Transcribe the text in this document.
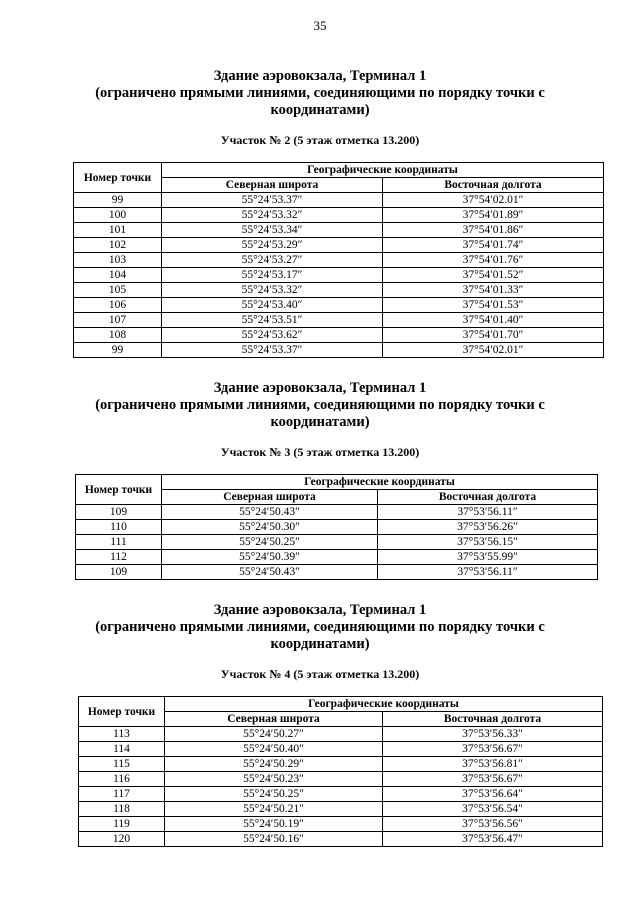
35
Здание аэровокзала, Терминал 1
(ограничено прямыми линиями, соединяющими по порядку точки с
координатами)
Участок № 2 (5 этаж отметка 13.200)
Номер точки	Географические координаты	
	Северная широта	Восточная долгота
99	55°24′53.37″	37°54′02.01″
100	55°24′53.32″	37°54′01.89″
101	55°24′53.34″	37°54′01.86″
102	55°24′53.29″	37°54′01.74″
103	55°24′53.27″	37°54′01.76″
104	55°24′53.17″	37°54′01.52″
105	55°24′53.32″	37°54′01.33″
106	55°24′53.40″	37°54′01.53″
107	55°24′53.51″	37°54′01.40″
108	55°24′53.62″	37°54′01.70″
99	55°24′53.37″	37°54′02.01″
Здание аэровокзала, Терминал 1
(ограничено прямыми линиями, соединяющими по порядку точки с
координатами)
Участок № 3 (5 этаж отметка 13.200)
Номер точки	Географические координаты	
	Северная широта	Восточная долгота
109	55°24′50.43″	37°53′56.11″
110	55°24′50.30″	37°53′56.26″
111	55°24′50.25″	37°53′56.15″
112	55°24′50.39″	37°53′55.99″
109	55°24′50.43″	37°53′56.11″
Здание аэровокзала, Терминал 1
(ограничено прямыми линиями, соединяющими по порядку точки с
координатами)
Участок № 4 (5 этаж отметка 13.200)
Номер точки	Географические координаты	
	Северная широта	Восточная долгота
113	55°24′50.27″	37°53′56.33″
114	55°24′50.40″	37°53′56.67″
115	55°24′50.29″	37°53′56.81″
116	55°24′50.23″	37°53′56.67″
117	55°24′50.25″	37°53′56.64″
118	55°24′50.21″	37°53′56.54″
119	55°24′50.19″	37°53′56.56″
120	55°24′50.16″	37°53′56.47″
